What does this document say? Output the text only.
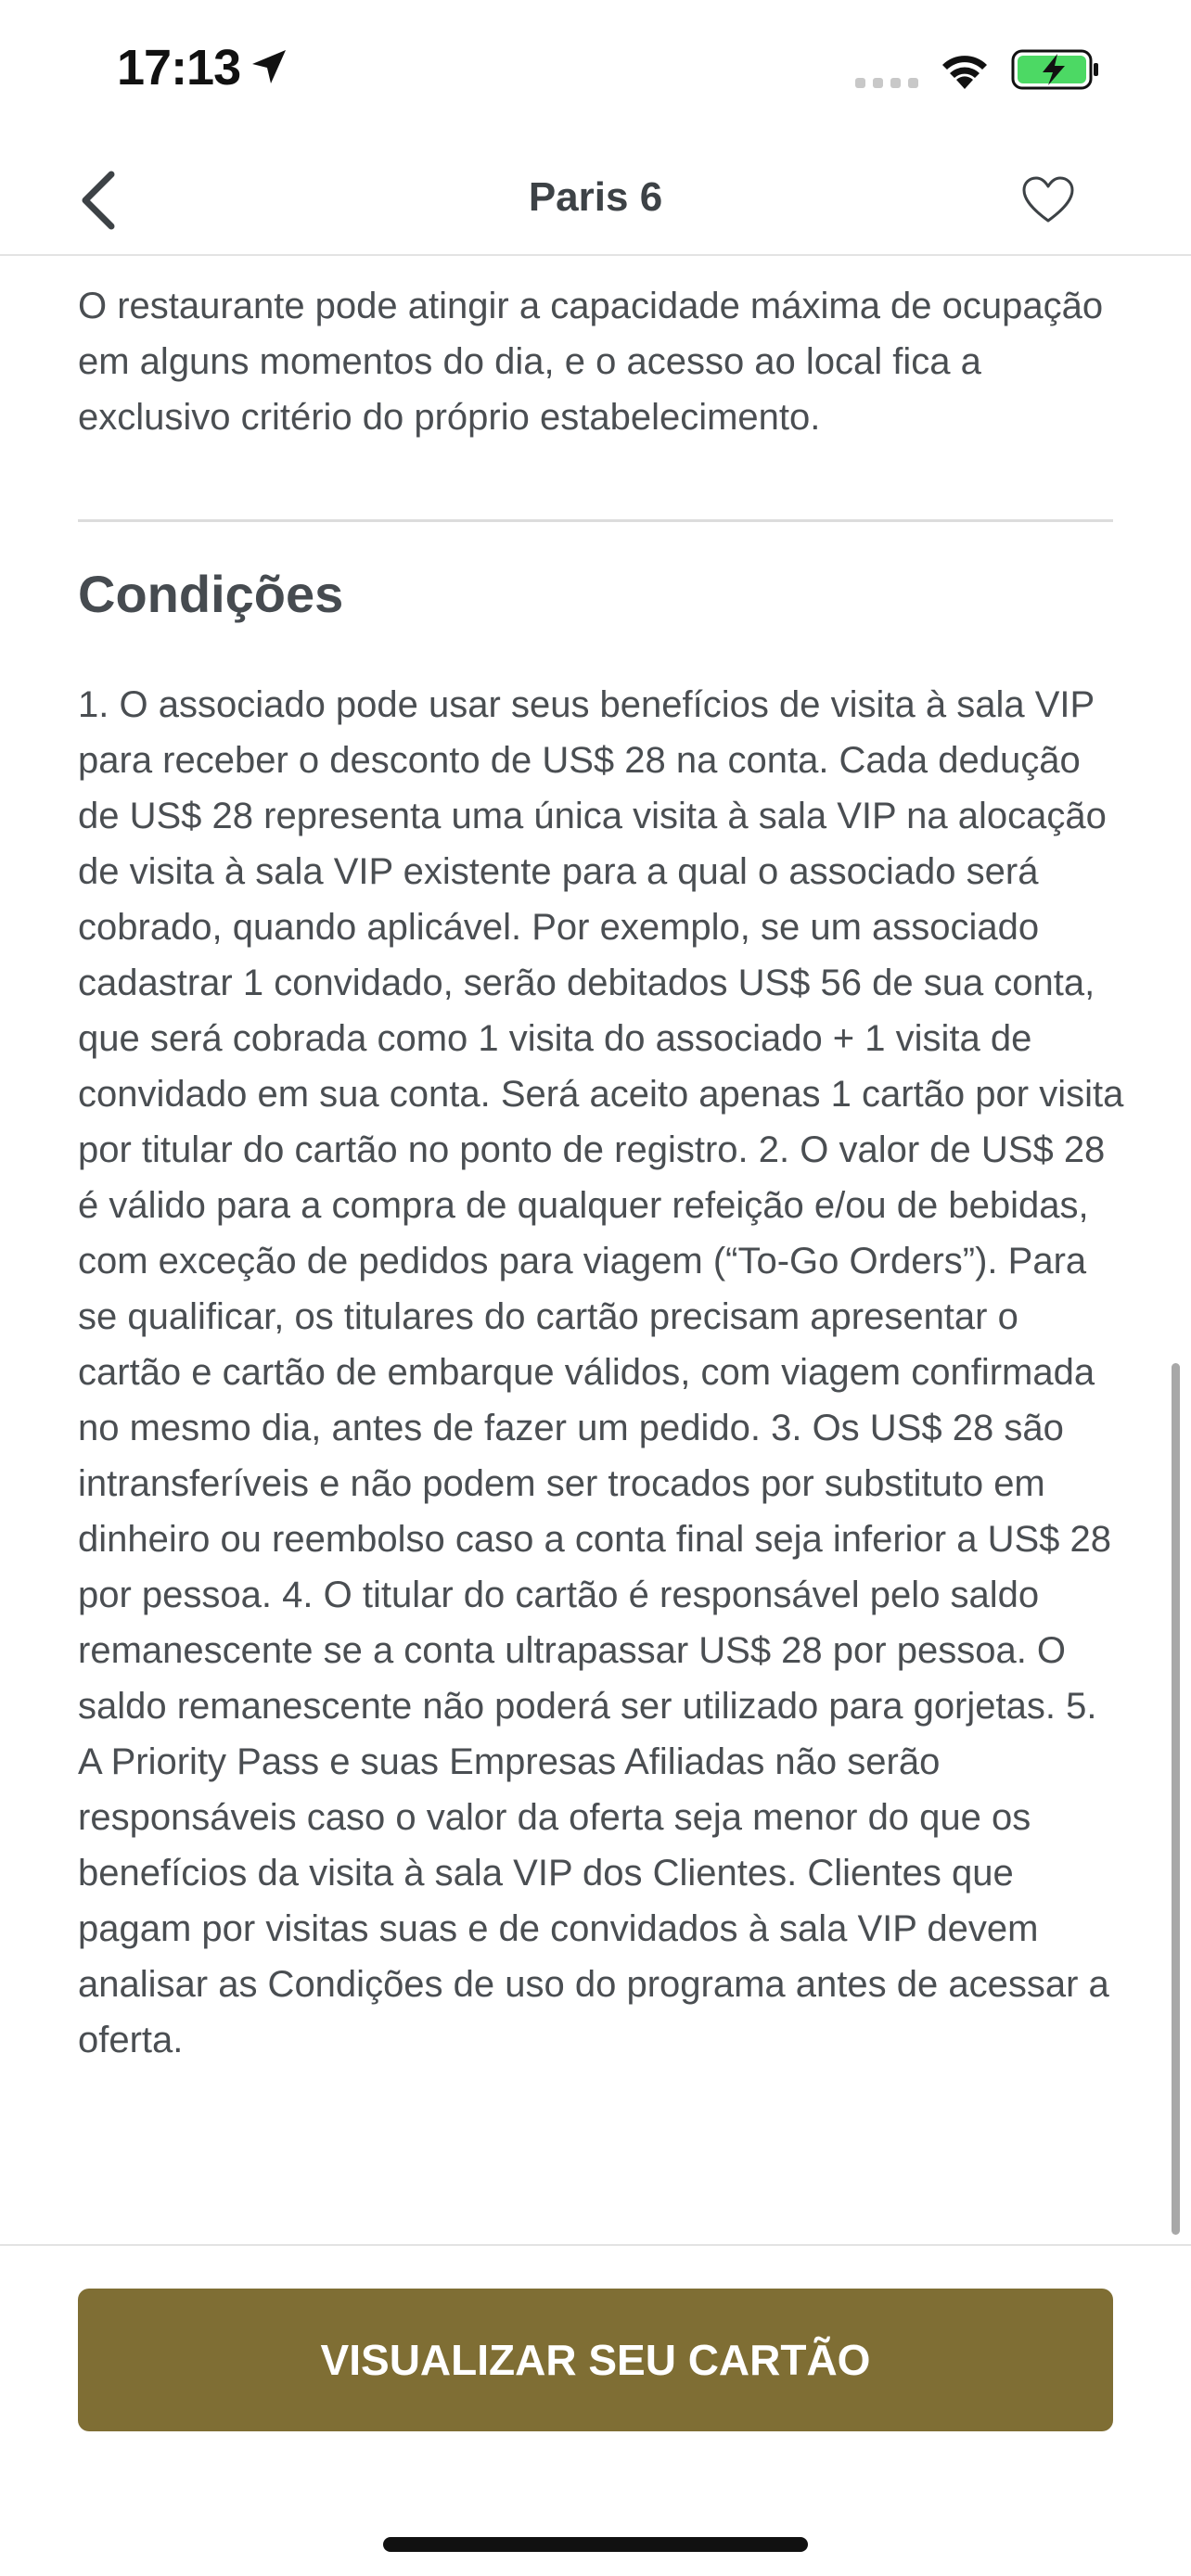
17:13
Paris 6

O restaurante pode atingir a capacidade máxima de ocupação em alguns momentos do dia, e o acesso ao local fica a exclusivo critério do próprio estabelecimento.

Condições

1. O associado pode usar seus benefícios de visita à sala VIP para receber o desconto de US$ 28 na conta. Cada dedução de US$ 28 representa uma única visita à sala VIP na alocação de visita à sala VIP existente para a qual o associado será cobrado, quando aplicável. Por exemplo, se um associado cadastrar 1 convidado, serão debitados US$ 56 de sua conta, que será cobrada como 1 visita do associado + 1 visita de convidado em sua conta. Será aceito apenas 1 cartão por visita por titular do cartão no ponto de registro. 2. O valor de US$ 28 é válido para a compra de qualquer refeição e/ou de bebidas, com exceção de pedidos para viagem (“To-Go Orders”). Para se qualificar, os titulares do cartão precisam apresentar o cartão e cartão de embarque válidos, com viagem confirmada no mesmo dia, antes de fazer um pedido. 3. Os US$ 28 são intransferíveis e não podem ser trocados por substituto em dinheiro ou reembolso caso a conta final seja inferior a US$ 28 por pessoa. 4. O titular do cartão é responsável pelo saldo remanescente se a conta ultrapassar US$ 28 por pessoa. O saldo remanescente não poderá ser utilizado para gorjetas. 5. A Priority Pass e suas Empresas Afiliadas não serão responsáveis caso o valor da oferta seja menor do que os benefícios da visita à sala VIP dos Clientes. Clientes que pagam por visitas suas e de convidados à sala VIP devem analisar as Condições de uso do programa antes de acessar a oferta.

VISUALIZAR SEU CARTÃO
